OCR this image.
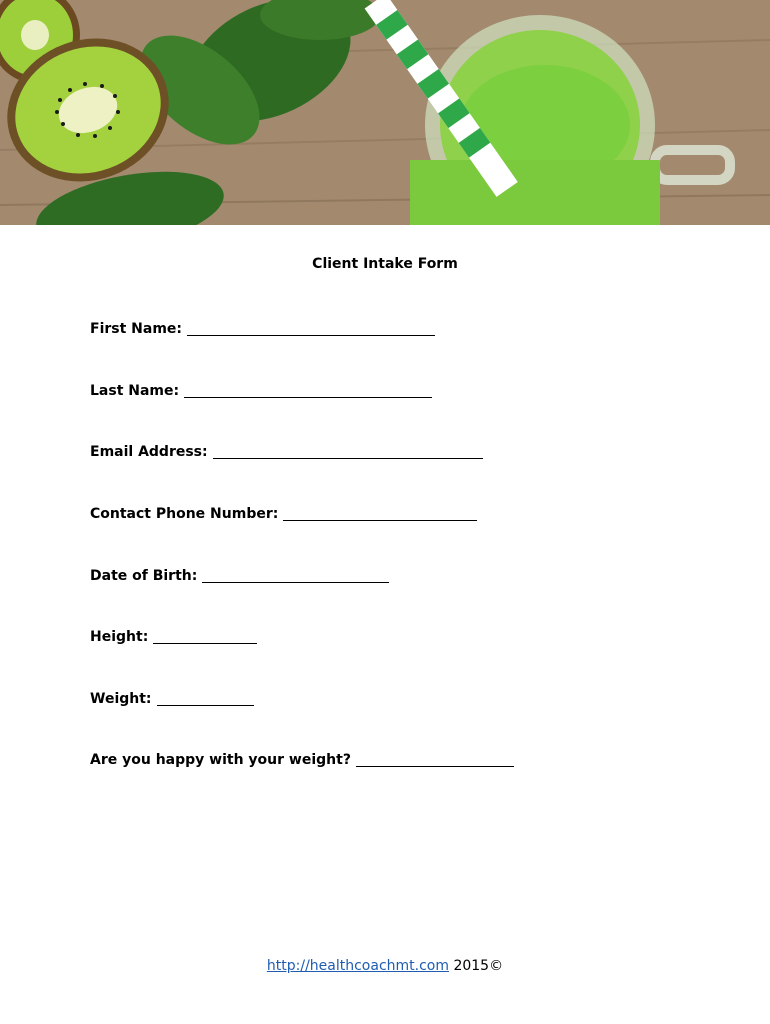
Client Intake Form
First Name:
Last Name:
Email Address:
Contact Phone Number:
Date of Birth:
Height:
Weight:
Are you happy with your weight?
http://healthcoachmt.com 2015©
